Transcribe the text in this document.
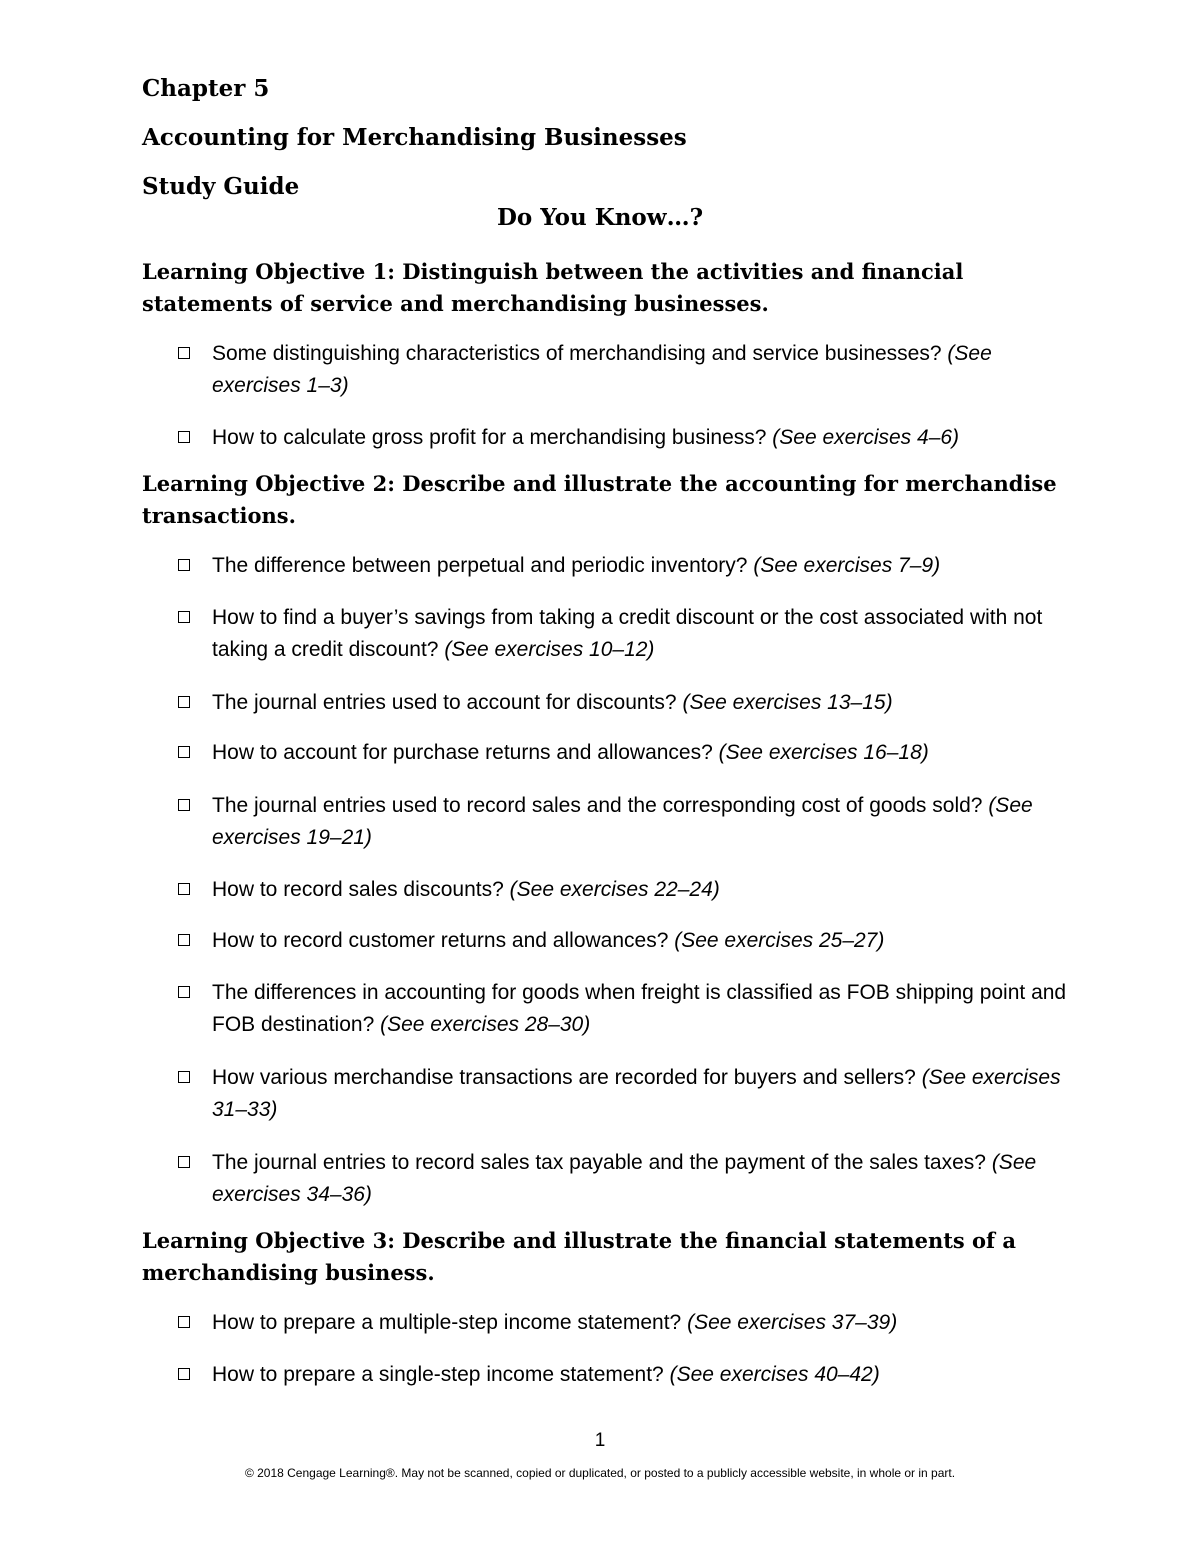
Chapter 5
Accounting for Merchandising Businesses
Study Guide
Do You Know…?
Learning Objective 1: Distinguish between the activities and financial statements of service and merchandising businesses.
Some distinguishing characteristics of merchandising and service businesses? (See exercises 1–3)
How to calculate gross profit for a merchandising business? (See exercises 4–6)
Learning Objective 2: Describe and illustrate the accounting for merchandise transactions.
The difference between perpetual and periodic inventory? (See exercises 7–9)
How to find a buyer’s savings from taking a credit discount or the cost associated with not taking a credit discount? (See exercises 10–12)
The journal entries used to account for discounts? (See exercises 13–15)
How to account for purchase returns and allowances? (See exercises 16–18)
The journal entries used to record sales and the corresponding cost of goods sold? (See exercises 19–21)
How to record sales discounts? (See exercises 22–24)
How to record customer returns and allowances? (See exercises 25–27)
The differences in accounting for goods when freight is classified as FOB shipping point and FOB destination? (See exercises 28–30)
How various merchandise transactions are recorded for buyers and sellers? (See exercises 31–33)
The journal entries to record sales tax payable and the payment of the sales taxes? (See exercises 34–36)
Learning Objective 3: Describe and illustrate the financial statements of a merchandising business.
How to prepare a multiple-step income statement? (See exercises 37–39)
How to prepare a single-step income statement? (See exercises 40–42)
1
© 2018 Cengage Learning®. May not be scanned, copied or duplicated, or posted to a publicly accessible website, in whole or in part.
